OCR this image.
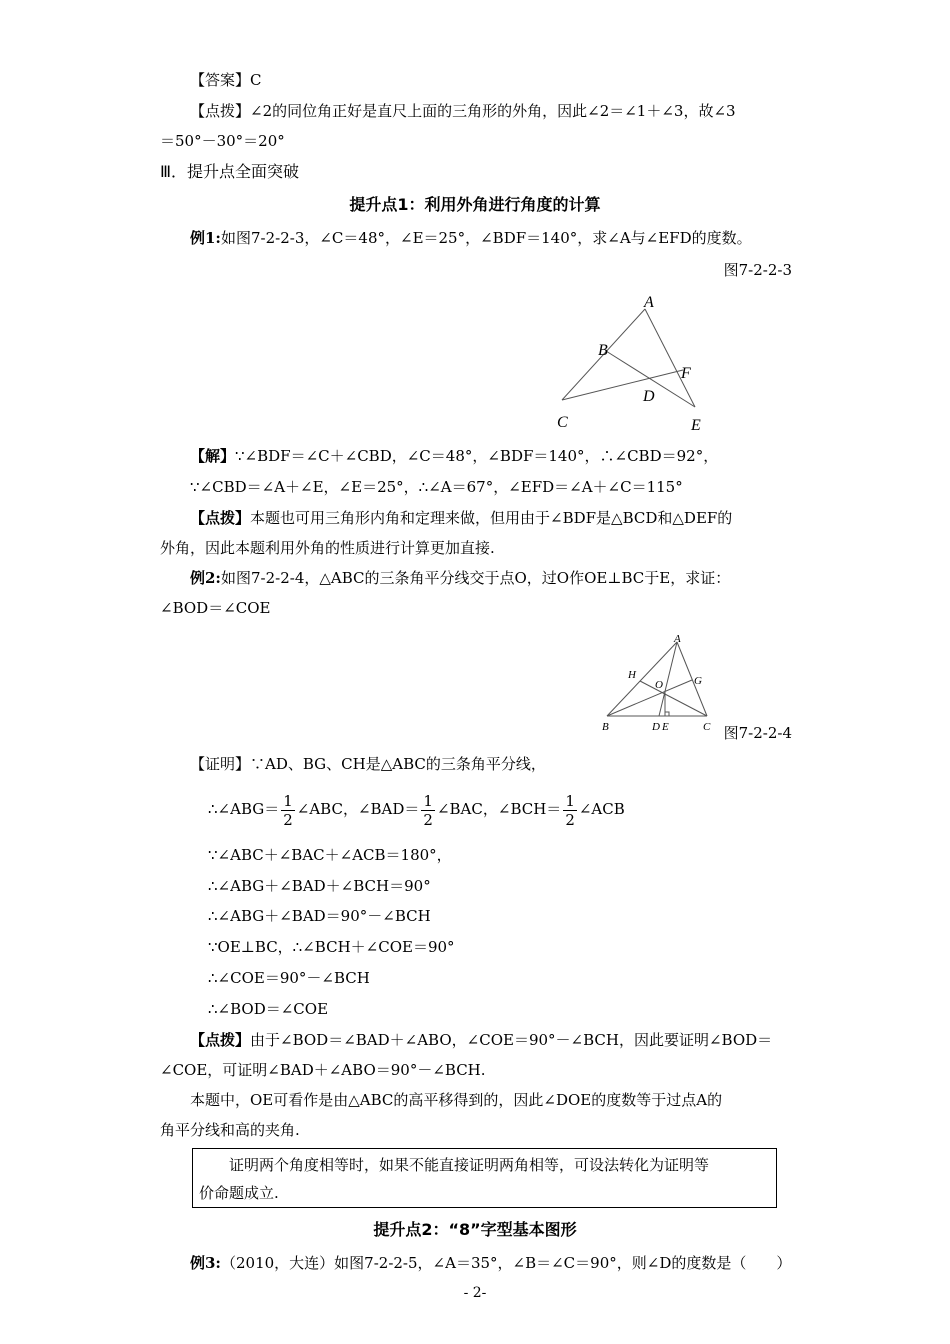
【答案】C
【点拨】∠2的同位角正好是直尺上面的三角形的外角，因此∠2＝∠1＋∠3，故∠3
＝50°－30°＝20°
Ⅲ．提升点全面突破
提升点1：利用外角进行角度的计算
例1:如图7-2-2-3，∠C＝48°，∠E＝25°，∠BDF＝140°，求∠A与∠EFD的度数。
图7-2-2-3
A
B
F
D
C	E
【解】∵∠BDF＝∠C＋∠CBD，∠C＝48°，∠BDF＝140°，∴∠CBD＝92°，
∵∠CBD＝∠A＋∠E，∠E＝25°，∴∠A＝67°，∠EFD＝∠A＋∠C＝115°
【点拨】本题也可用三角形内角和定理来做，但用由于∠BDF是△BCD和△DEF的
外角，因此本题利用外角的性质进行计算更加直接.
例2:如图7-2-2-4，△ABC的三条角平分线交于点O，过O作OE⊥BC于E，求证：
∠BOD＝∠COE
A
H	G
O
B	D E	C 图7-2-2-4
【证明】∵AD、BG、CH是△ABC的三条角平分线，
∴∠ABG＝ $\frac{1}{2}$ ∠ABC，∠BAD＝ $\frac{1}{2}$ ∠BAC，∠BCH＝ $\frac{1}{2}$ ∠ACB
∵∠ABC＋∠BAC＋∠ACB＝180°，
∴∠ABG＋∠BAD＋∠BCH＝90°
∴∠ABG＋∠BAD＝90°－∠BCH
∵OE⊥BC，∴∠BCH＋∠COE＝90°
∴∠COE＝90°－∠BCH
∴∠BOD＝∠COE
【点拨】由于∠BOD＝∠BAD＋∠ABO，∠COE＝90°－∠BCH，因此要证明∠BOD＝
∠COE，可证明∠BAD＋∠ABO＝90°－∠BCH.
本题中，OE可看作是由△ABC的高平移得到的，因此∠DOE的度数等于过点A的
角平分线和高的夹角.
证明两个角度相等时，如果不能直接证明两角相等，可设法转化为证明等
价命题成立.
提升点2：“8”字型基本图形
例3:（2010，大连）如图7-2-2-5，∠A＝35°，∠B＝∠C＝90°，则∠D的度数是（　　）
- 2-
